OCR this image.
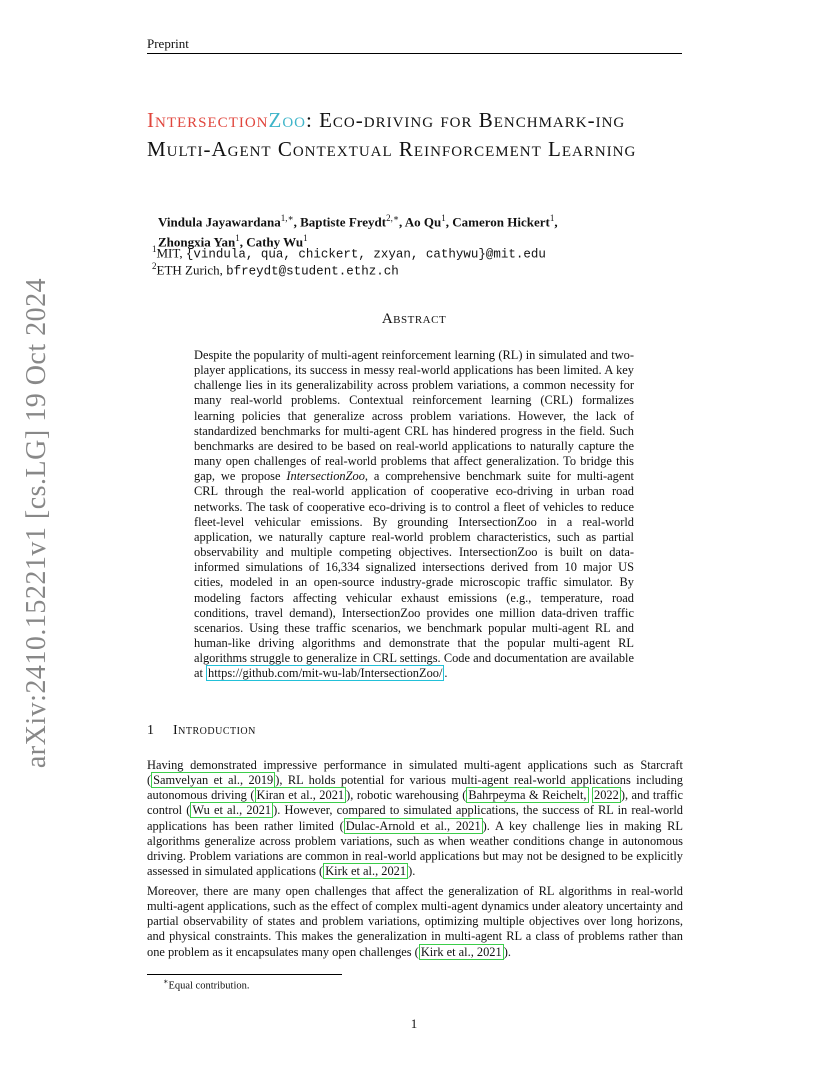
Preprint
arXiv:2410.15221v1 [cs.LG] 19 Oct 2024
IntersectionZoo: Eco-driving for Benchmark-ing Multi-Agent Contextual Reinforcement Learning
Vindula Jayawardana$^{1,∗}$, Baptiste Freydt$^{2,∗}$, Ao Qu$^1$, Cameron Hickert$^1$,
Zhongxia Yan$^1$, Cathy Wu$^1$
$^1$MIT, {vindula, qua, chickert, zxyan, cathywu}@mit.edu
$^2$ETH Zurich, bfreydt@student.ethz.ch
Abstract
Despite the popularity of multi-agent reinforcement learning (RL) in simulated and two-player applications, its success in messy real-world applications has been limited. A key challenge lies in its generalizability across problem variations, a common necessity for many real-world problems. Contextual reinforcement learning (CRL) formalizes learning policies that generalize across problem variations. However, the lack of standardized benchmarks for multi-agent CRL has hindered progress in the field. Such benchmarks are desired to be based on real-world applications to naturally capture the many open challenges of real-world problems that affect generalization. To bridge this gap, we propose IntersectionZoo, a comprehensive benchmark suite for multi-agent CRL through the real-world application of cooperative eco-driving in urban road networks. The task of cooperative eco-driving is to control a fleet of vehicles to reduce fleet-level vehicular emissions. By grounding IntersectionZoo in a real-world application, we naturally capture real-world problem characteristics, such as partial observability and multiple competing objectives. IntersectionZoo is built on data-informed simulations of 16,334 signalized intersections derived from 10 major US cities, modeled in an open-source industry-grade microscopic traffic simulator. By modeling factors affecting vehicular exhaust emissions (e.g., temperature, road conditions, travel demand), IntersectionZoo provides one million data-driven traffic scenarios. Using these traffic scenarios, we benchmark popular multi-agent RL and human-like driving algorithms and demonstrate that the popular multi-agent RL algorithms struggle to generalize in CRL settings. Code and documentation are available at https://github.com/mit-wu-lab/IntersectionZoo/ .
1 Introduction
Having demonstrated impressive performance in simulated multi-agent applications such as Starcraft ( Samvelyan et al., 2019 ), RL holds potential for various multi-agent real-world applications including autonomous driving ( Kiran et al., 2021 ), robotic warehousing ( Bahrpeyma & Reichelt, 2022 ), and traffic control ( Wu et al., 2021 ). However, compared to simulated applications, the success of RL in real-world applications has been rather limited ( Dulac-Arnold et al., 2021 ). A key challenge lies in making RL algorithms generalize across problem variations, such as when weather conditions change in autonomous driving. Problem variations are common in real-world applications but may not be designed to be explicitly assessed in simulated applications ( Kirk et al., 2021 ).
Moreover, there are many open challenges that affect the generalization of RL algorithms in real-world multi-agent applications, such as the effect of complex multi-agent dynamics under aleatory uncertainty and partial observability of states and problem variations, optimizing multiple objectives over long horizons, and physical constraints. This makes the generalization in multi-agent RL a class of problems rather than one problem as it encapsulates many open challenges ( Kirk et al., 2021 ).
∗Equal contribution.
1
